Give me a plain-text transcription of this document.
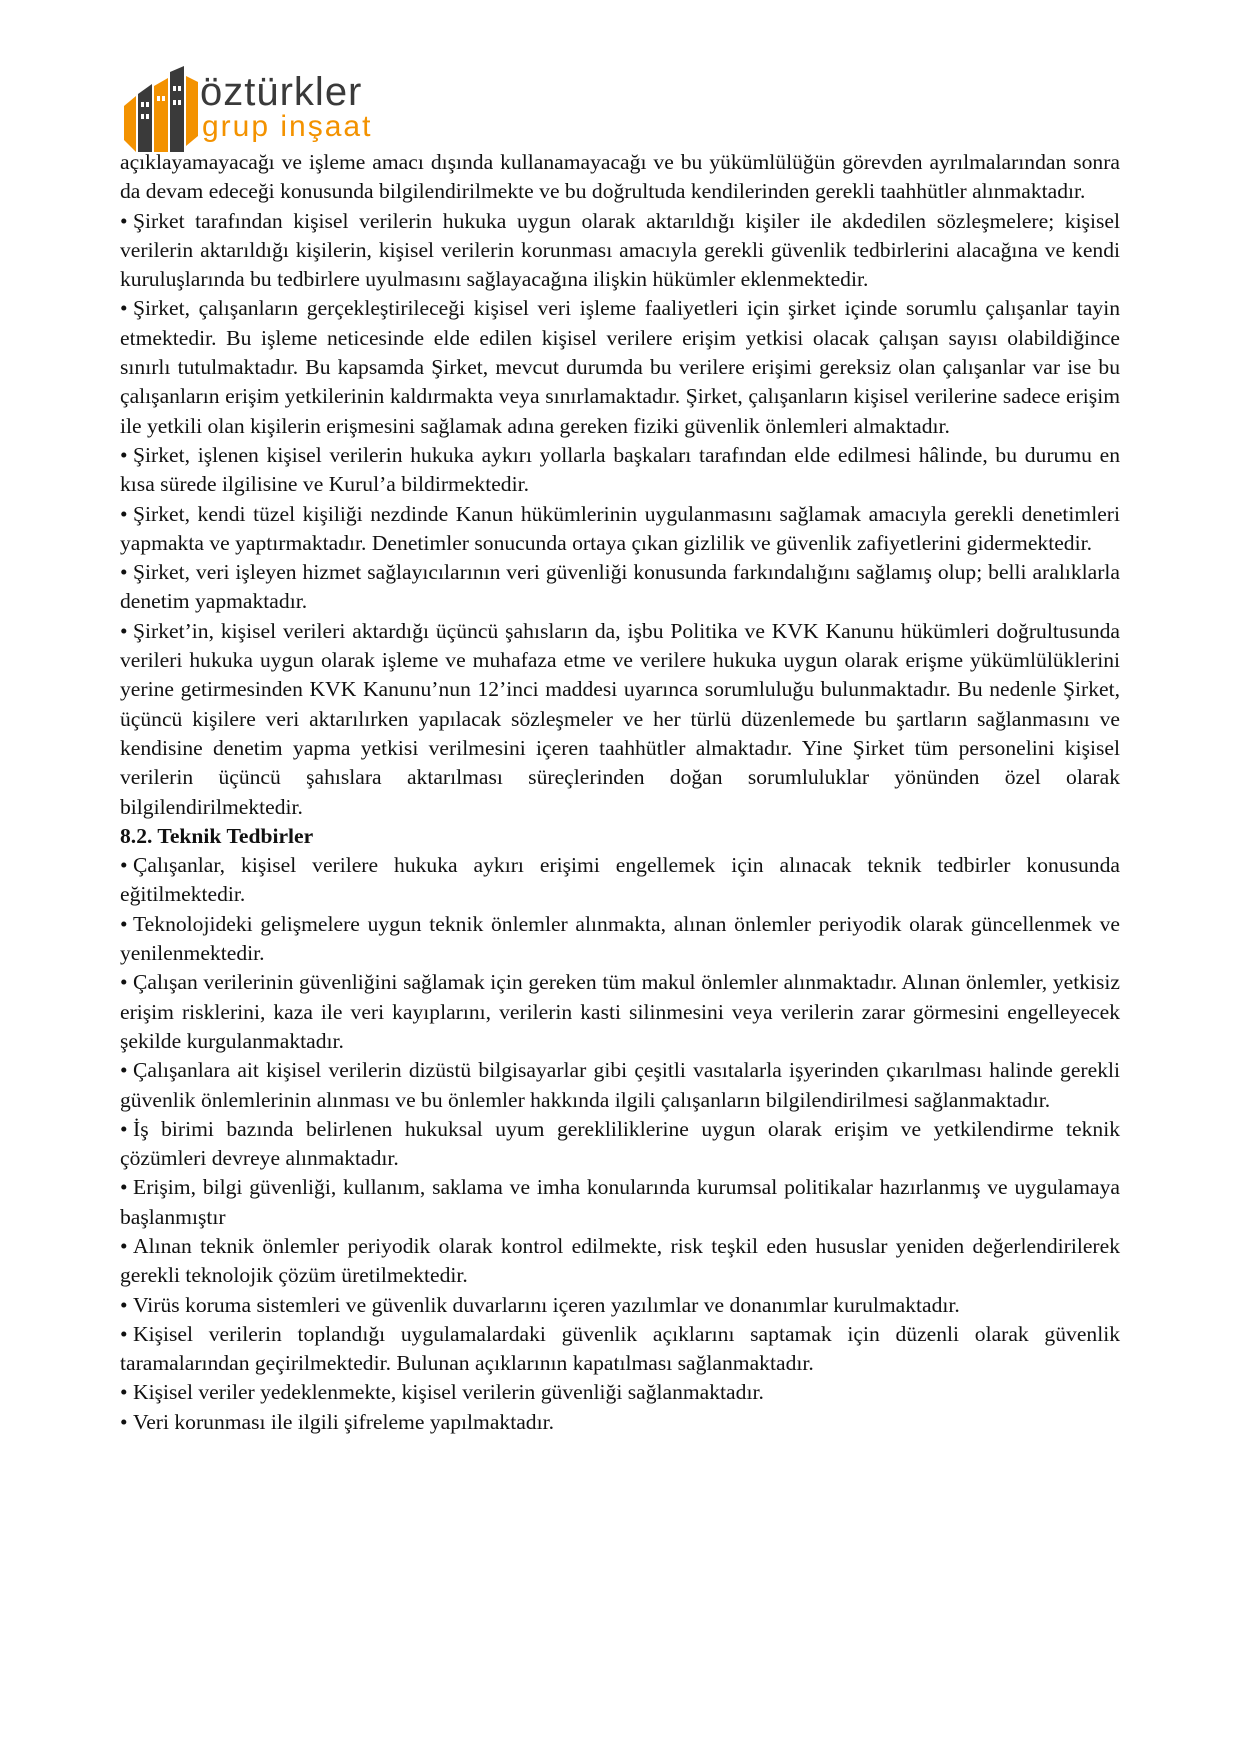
öztürkler
grup inşaat

açıklayamayacağı ve işleme amacı dışında kullanamayacağı ve bu yükümlülüğün görevden ayrılmalarından sonra da devam edeceği konusunda bilgilendirilmekte ve bu doğrultuda kendilerinden gerekli taahhütler alınmaktadır.

• Şirket tarafından kişisel verilerin hukuka uygun olarak aktarıldığı kişiler ile akdedilen sözleşmelere; kişisel verilerin aktarıldığı kişilerin, kişisel verilerin korunması amacıyla gerekli güvenlik tedbirlerini alacağına ve kendi kuruluşlarında bu tedbirlere uyulmasını sağlayacağına ilişkin hükümler eklenmektedir.

• Şirket, çalışanların gerçekleştirileceği kişisel veri işleme faaliyetleri için şirket içinde sorumlu çalışanlar tayin etmektedir. Bu işleme neticesinde elde edilen kişisel verilere erişim yetkisi olacak çalışan sayısı olabildiğince sınırlı tutulmaktadır. Bu kapsamda Şirket, mevcut durumda bu verilere erişimi gereksiz olan çalışanlar var ise bu çalışanların erişim yetkilerinin kaldırmakta veya sınırlamaktadır. Şirket, çalışanların kişisel verilerine sadece erişim ile yetkili olan kişilerin erişmesini sağlamak adına gereken fiziki güvenlik önlemleri almaktadır.

• Şirket, işlenen kişisel verilerin hukuka aykırı yollarla başkaları tarafından elde edilmesi hâlinde, bu durumu en kısa sürede ilgilisine ve Kurul’a bildirmektedir.

• Şirket, kendi tüzel kişiliği nezdinde Kanun hükümlerinin uygulanmasını sağlamak amacıyla gerekli denetimleri yapmakta ve yaptırmaktadır. Denetimler sonucunda ortaya çıkan gizlilik ve güvenlik zafiyetlerini gidermektedir.

• Şirket, veri işleyen hizmet sağlayıcılarının veri güvenliği konusunda farkındalığını sağlamış olup; belli aralıklarla denetim yapmaktadır.

• Şirket’in, kişisel verileri aktardığı üçüncü şahısların da, işbu Politika ve KVK Kanunu hükümleri doğrultusunda verileri hukuka uygun olarak işleme ve muhafaza etme ve verilere hukuka uygun olarak erişme yükümlülüklerini yerine getirmesinden KVK Kanunu’nun 12’inci maddesi uyarınca sorumluluğu bulunmaktadır. Bu nedenle Şirket, üçüncü kişilere veri aktarılırken yapılacak sözleşmeler ve her türlü düzenlemede bu şartların sağlanmasını ve kendisine denetim yapma yetkisi verilmesini içeren taahhütler almaktadır. Yine Şirket tüm personelini kişisel verilerin üçüncü şahıslara aktarılması süreçlerinden doğan sorumluluklar yönünden özel olarak bilgilendirilmektedir.

8.2. Teknik Tedbirler

• Çalışanlar, kişisel verilere hukuka aykırı erişimi engellemek için alınacak teknik tedbirler konusunda eğitilmektedir.

• Teknolojideki gelişmelere uygun teknik önlemler alınmakta, alınan önlemler periyodik olarak güncellenmek ve yenilenmektedir.

• Çalışan verilerinin güvenliğini sağlamak için gereken tüm makul önlemler alınmaktadır. Alınan önlemler, yetkisiz erişim risklerini, kaza ile veri kayıplarını, verilerin kasti silinmesini veya verilerin zarar görmesini engelleyecek şekilde kurgulanmaktadır.

• Çalışanlara ait kişisel verilerin dizüstü bilgisayarlar gibi çeşitli vasıtalarla işyerinden çıkarılması halinde gerekli güvenlik önlemlerinin alınması ve bu önlemler hakkında ilgili çalışanların bilgilendirilmesi sağlanmaktadır.

• İş birimi bazında belirlenen hukuksal uyum gerekliliklerine uygun olarak erişim ve yetkilendirme teknik çözümleri devreye alınmaktadır.

• Erişim, bilgi güvenliği, kullanım, saklama ve imha konularında kurumsal politikalar hazırlanmış ve uygulamaya başlanmıştır

• Alınan teknik önlemler periyodik olarak kontrol edilmekte, risk teşkil eden hususlar yeniden değerlendirilerek gerekli teknolojik çözüm üretilmektedir.

• Virüs koruma sistemleri ve güvenlik duvarlarını içeren yazılımlar ve donanımlar kurulmaktadır.

• Kişisel verilerin toplandığı uygulamalardaki güvenlik açıklarını saptamak için düzenli olarak güvenlik taramalarından geçirilmektedir. Bulunan açıklarının kapatılması sağlanmaktadır.

• Kişisel veriler yedeklenmekte, kişisel verilerin güvenliği sağlanmaktadır.

• Veri korunması ile ilgili şifreleme yapılmaktadır.
